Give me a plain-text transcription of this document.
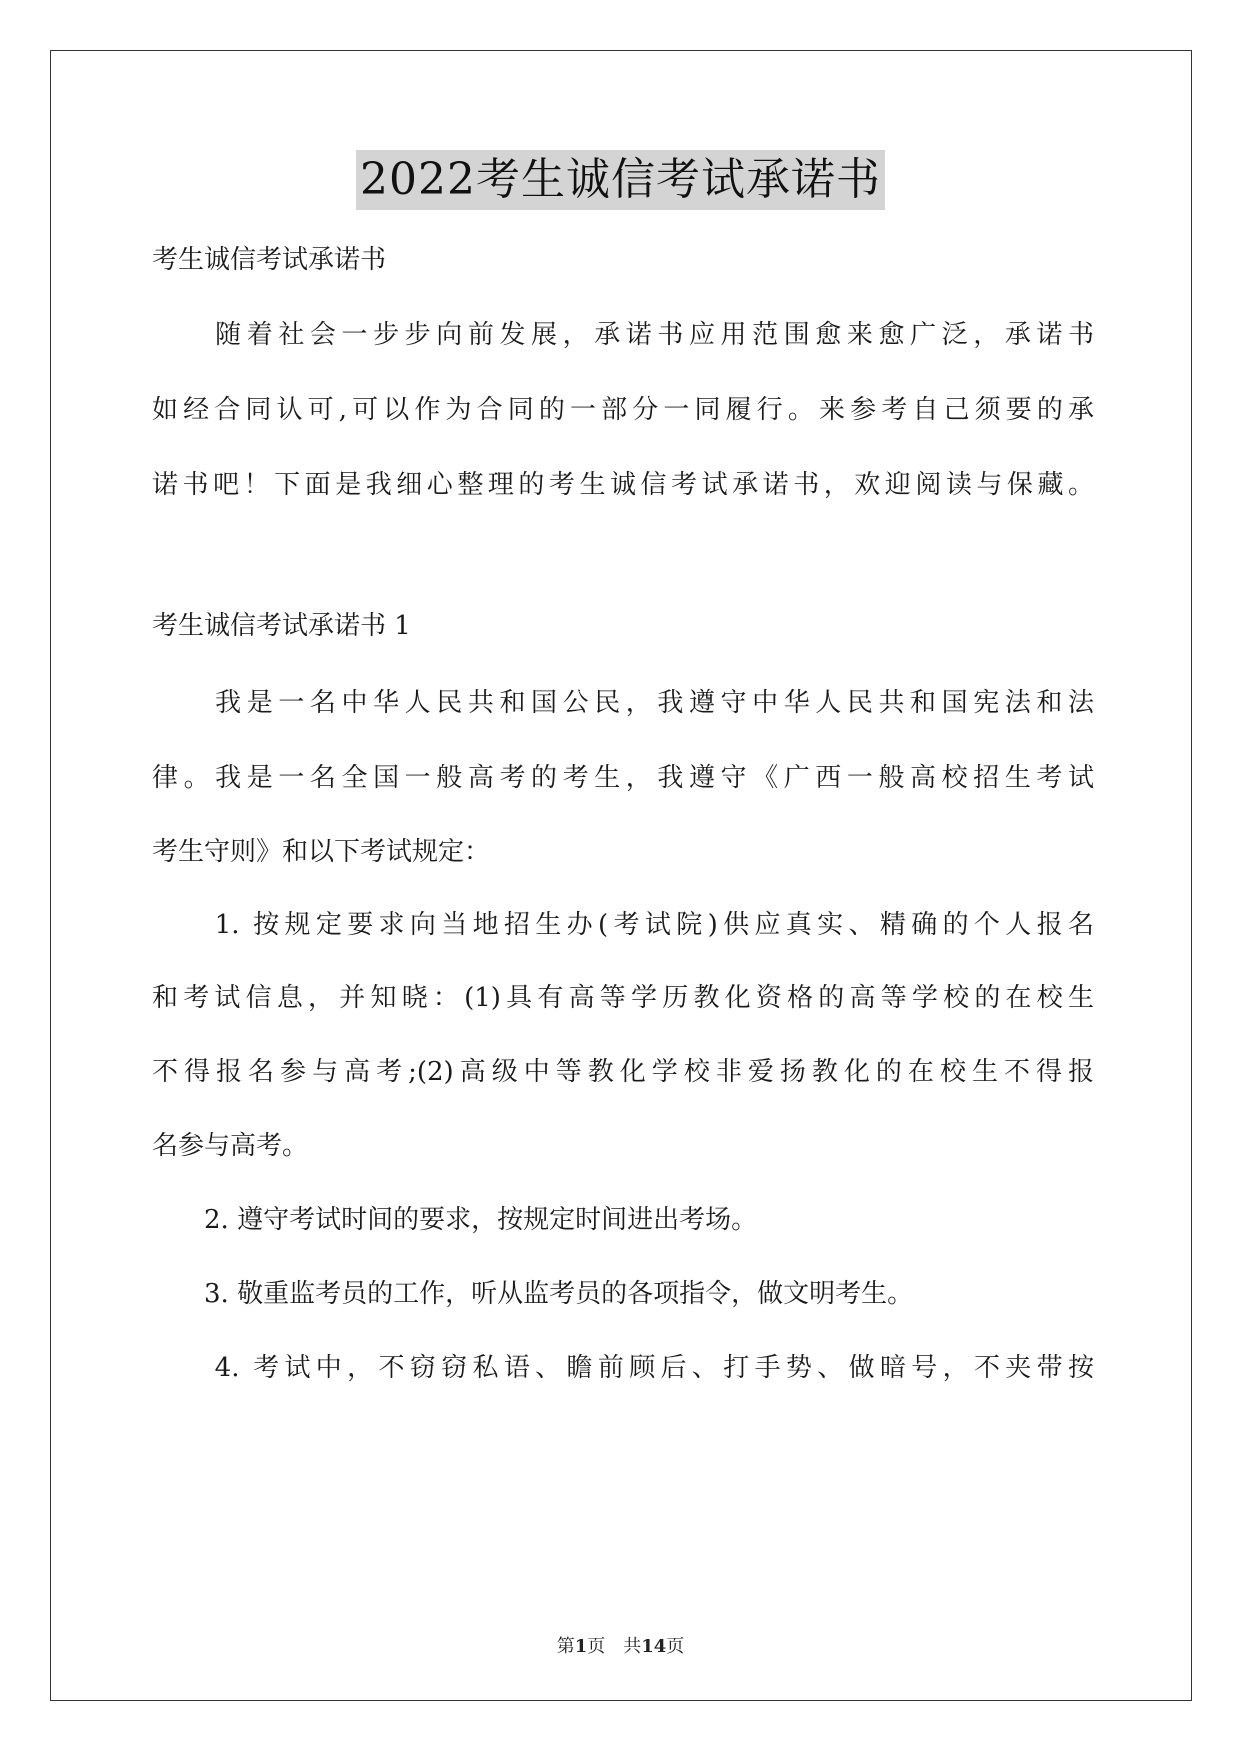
2022考生诚信考试承诺书
考生诚信考试承诺书
　　随着社会一步步向前发展，承诺书应用范围愈来愈广泛，承诺书
如经合同认可,可以作为合同的一部分一同履行。来参考自己须要的承
诺书吧！下面是我细心整理的考生诚信考试承诺书，欢迎阅读与保藏。
考生诚信考试承诺书 1
　　我是一名中华人民共和国公民，我遵守中华人民共和国宪法和法
律。我是一名全国一般高考的考生，我遵守《广西一般高校招生考试
考生守则》和以下考试规定：
　　1. 按规定要求向当地招生办(考试院)供应真实、精确的个人报名
和考试信息，并知晓：(1)具有高等学历教化资格的高等学校的在校生
不得报名参与高考;(2)高级中等教化学校非爱扬教化的在校生不得报
名参与高考。
　　2. 遵守考试时间的要求，按规定时间进出考场。
　　3. 敬重监考员的工作，听从监考员的各项指令，做文明考生。
　　4. 考试中，不窃窃私语、瞻前顾后、打手势、做暗号，不夹带按
第1页　共14页
